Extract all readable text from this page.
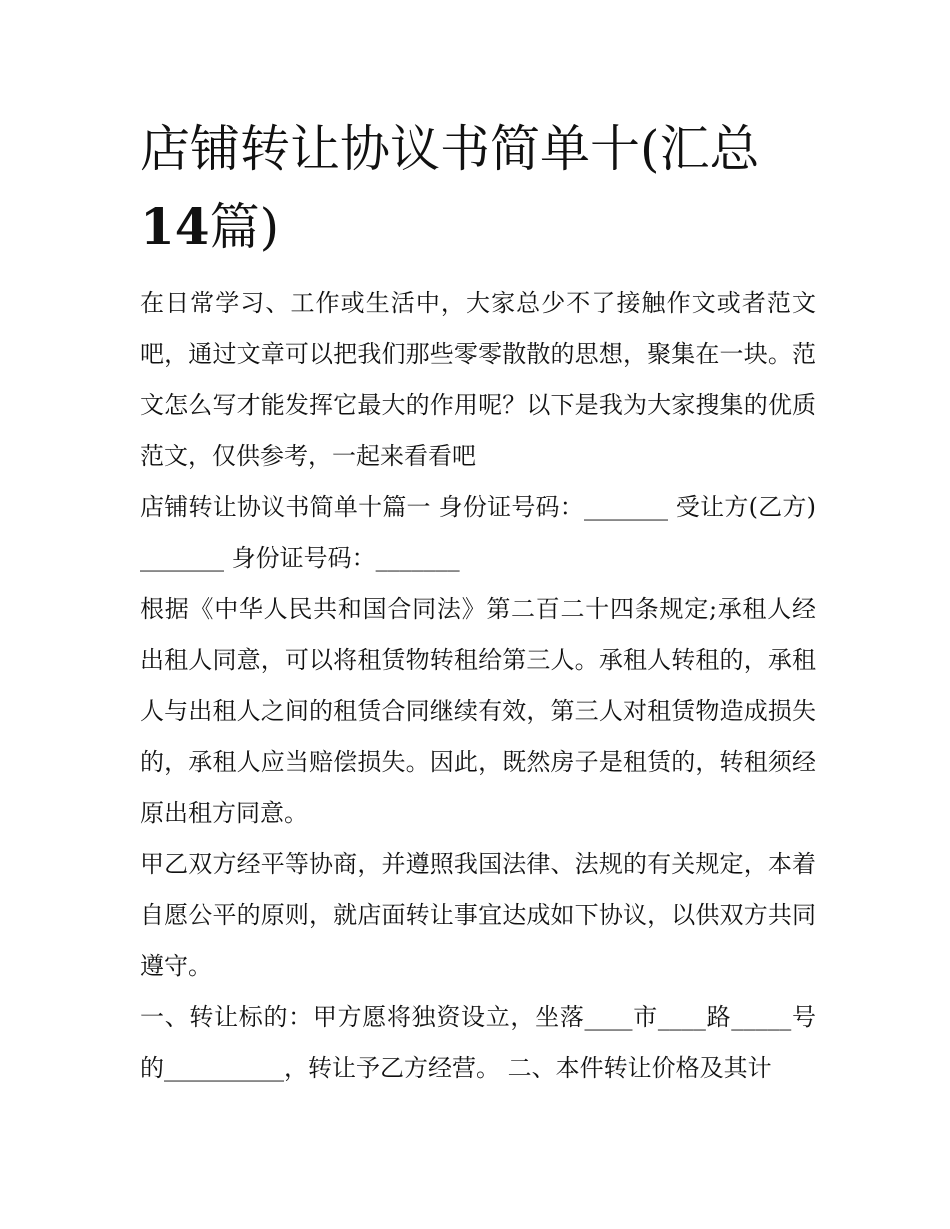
店铺转让协议书简单十(汇总14篇)

在日常学习、工作或生活中，大家总少不了接触作文或者范文吧，通过文章可以把我们那些零零散散的思想，聚集在一块。范文怎么写才能发挥它最大的作用呢？以下是我为大家搜集的优质范文，仅供参考，一起来看看吧

店铺转让协议书简单十篇一 身份证号码：_______ 受让方(乙方)_______ 身份证号码：_______

根据《中华人民共和国合同法》第二百二十四条规定;承租人经出租人同意，可以将租赁物转租给第三人。承租人转租的，承租人与出租人之间的租赁合同继续有效，第三人对租赁物造成损失的，承租人应当赔偿损失。因此，既然房子是租赁的，转租须经原出租方同意。

甲乙双方经平等协商，并遵照我国法律、法规的有关规定，本着自愿公平的原则，就店面转让事宜达成如下协议，以供双方共同遵守。

一、转让标的：甲方愿将独资设立，坐落____市____路_____号的__________，转让予乙方经营。 二、本件转让价格及其计
